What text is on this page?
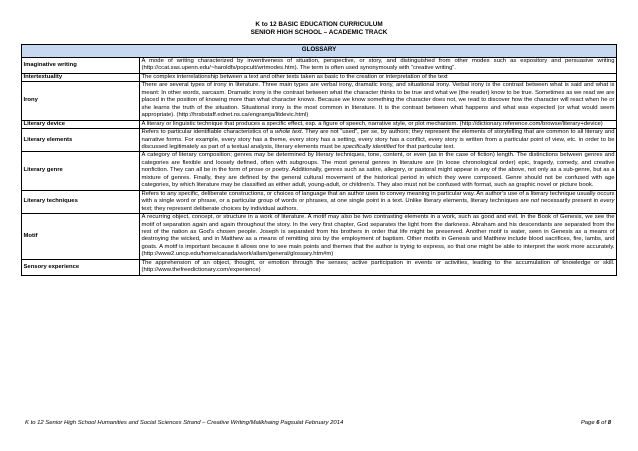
K to 12 BASIC EDUCATION CURRICULUM
SENIOR HIGH SCHOOL – ACADEMIC TRACK
GLOSSARY	
Imaginative writing	A mode of writing characterized by inventiveness of situation, perspective, or story, and distinguished from other modes such as expository and persuasive writing (http://ccat.sas.upenn.edu/~haroldfs/popcult/wrtmodes.htm). The term is often used synonymously with “creative writing”.
Intertextuality	The complex interrelationship between a text and other texts taken as basic to the creation or interpretation of the text
Irony	There are several types of irony in literature. Three main types are verbal irony, dramatic irony, and situational irony. Verbal irony is the contrast between what is said and what is meant: In other words, sarcasm. Dramatic irony is the contrast between what the character thinks to be true and what we (the reader) know to be true. Sometimes as we read we are placed in the position of knowing more than what character knows. Because we know something the character does not, we read to discover how the character will react when he or she learns the truth of the situation. Situational irony is the most common in literature. It is the contrast between what happens and what was expected (or what would seem appropriate). (http://hrsbstaff.ednet.ns.ca/engramja/litdevic.html)
Literary device	A literary or linguistic technique that produces a specific effect, esp. a figure of speech, narrative style, or plot mechanism. (http://dictionary.reference.com/browse/literary+device)
Literary elements	Refers to particular identifiable characteristics of a whole text. They are not “used”, per se, by authors; they represent the elements of storytelling that are common to all literary and narrative forms. For example, every story has a theme, every story has a setting, every story has a conflict, every story is written from a particular point of view, etc. in order to be discussed legitimately as part of a textual analysis, literary elements must be specifically identified for that particular text.
Literary genre	A category of literary composition; genres may be determined by literary techniques, tone, content, or even (as in the case of fiction) length. The distinctions between genres and categories are flexible and loosely defined, often with subgroups. The most general genres in literature are (in loose chronological order) epic, tragedy, comedy, and creative nonfiction. They can all be in the form of prose or poetry. Additionally, genres such as satire, allegory, or pastoral might appear in any of the above, not only as a sub-genre, but as a mixture of genres. Finally, they are defined by the general cultural movement of the historical period in which they were composed. Genre should not be confused with age categories, by which literature may be classified as either adult, young-adult, or children’s. They also must not be confused with format, such as graphic novel or picture book.
Literary techniques	Refers to any specific, deliberate constructions, or choices of language that an author uses to convey meaning in particular way. An author’s use of a literary technique usually occurs with a single word or phrase, or a particular group of words or phrases, at one single point in a text. Unlike literary elements, literary techniques are not necessarily present in every text; they represent deliberate choices by individual authors.
Motif	A recurring object, concept, or structure in a work of literature. A motif may also be two contrasting elements in a work, such as good and evil. In the Book of Genesis, we see the motif of separation again and again throughout the story. In the very first chapter, God separates the light from the darkness. Abraham and his descendants are separated from the rest of the nation as God’s chosen people. Joseph is separated from his brothers in order that life might be preserved. Another motif is water, seen in Genesis as a means of destroying the wicked, and in Matthew as a means of remitting sins by the employment of baptism. Other motifs in Genesis and Matthew include blood sacrifices, fire, lambs, and goats. A motif is important because it allows one to see main points and themes that the author is trying to express, so that one might be able to interpret the work more accurately. (http://www2.uncp.edu/home/canada/work/allam/general/glossary.htm#m)
Sensory experience	The apprehension of an object, thought, or emotion through the senses; active participation in events or activities, leading to the accumulation of knowledge or skill. (http://www.thefreedictionary.com/experience)
K to 12 Senior High School Humanities and Social Sciences Strand – Creative Writing/Malikhaing Pagsulat February 2014	Page 6 of 8
